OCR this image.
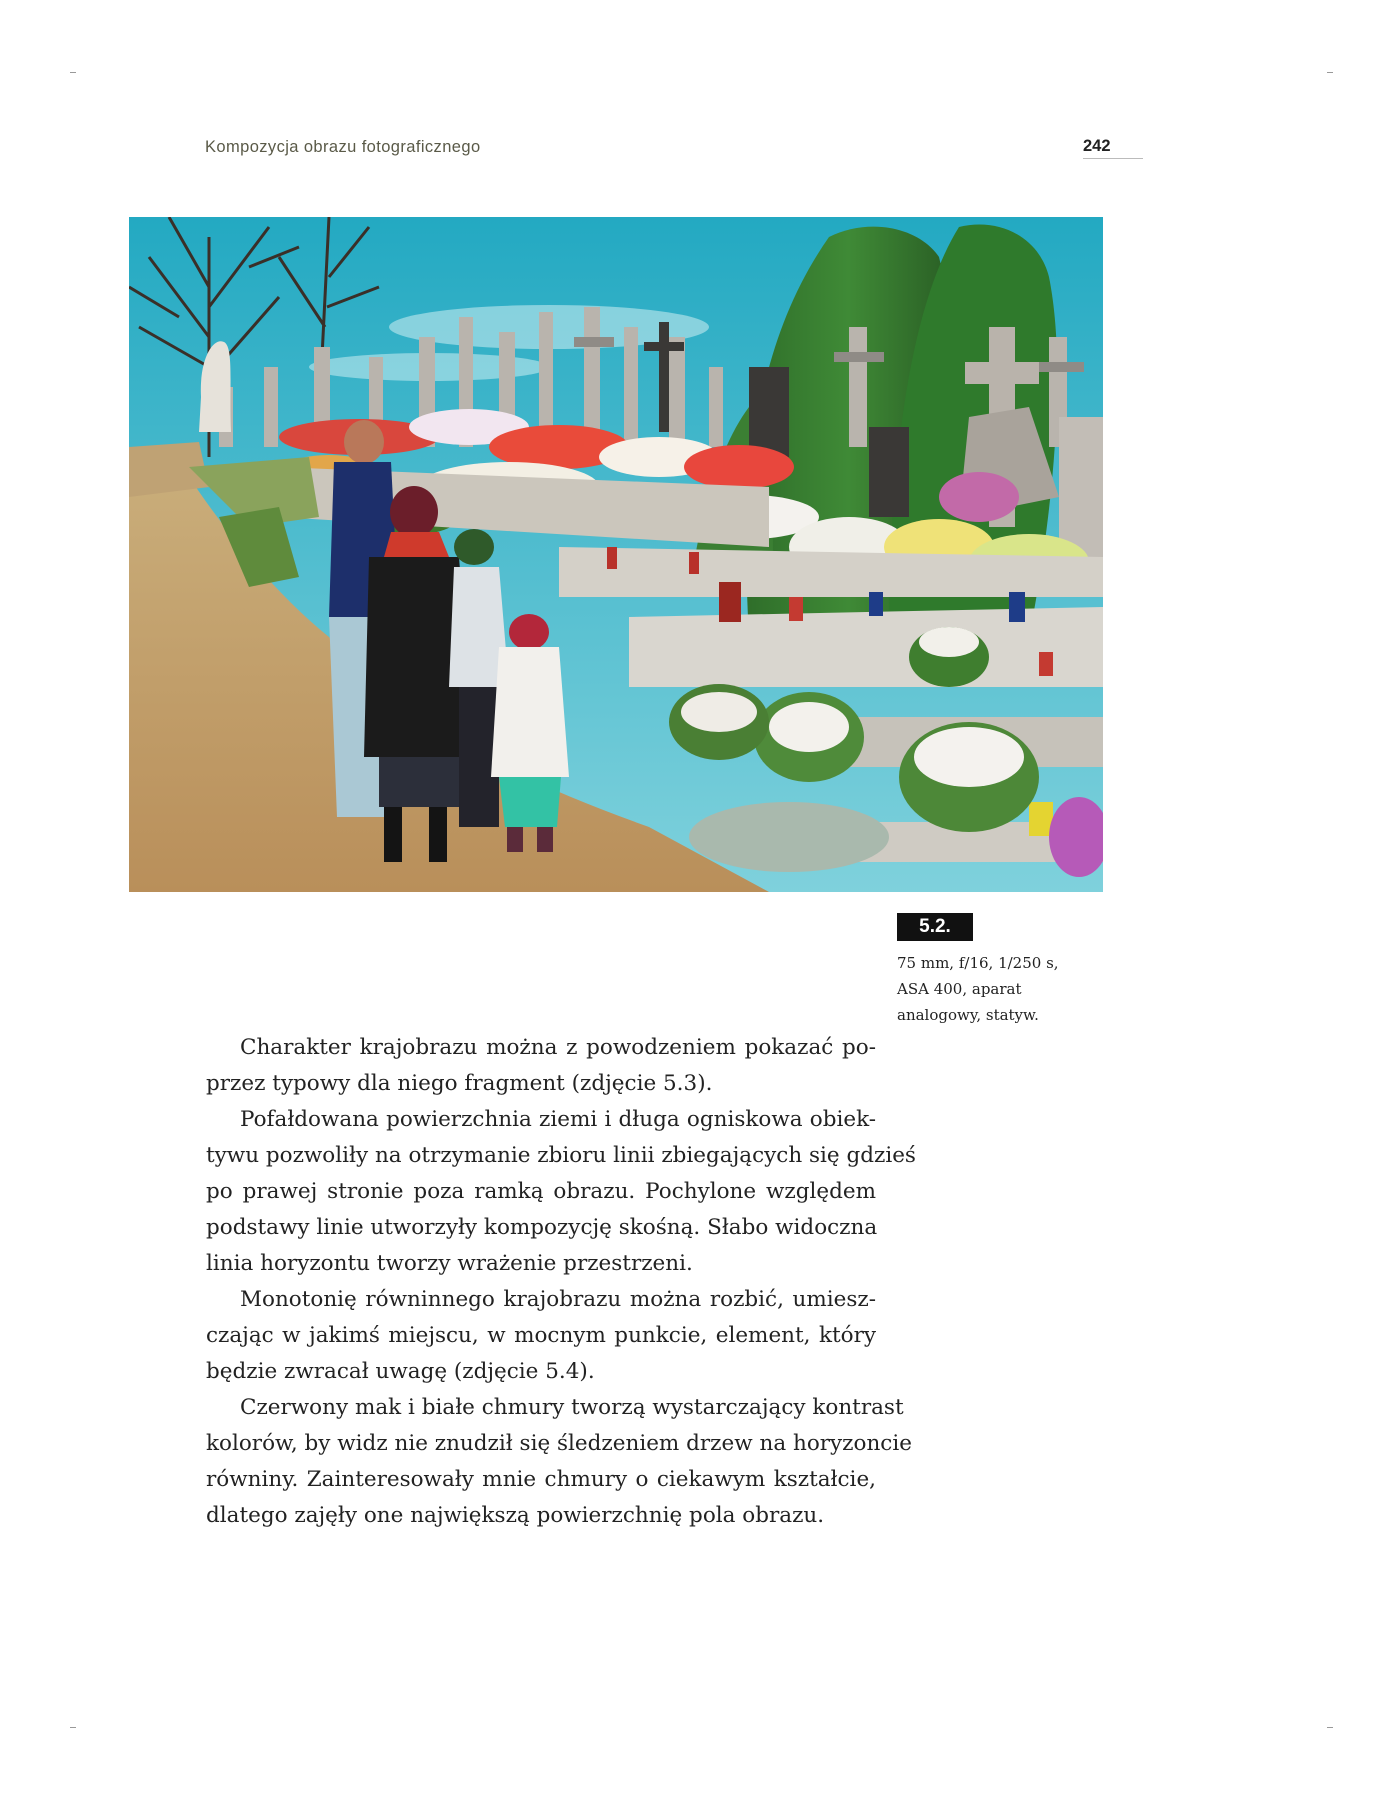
Kompozycja obrazu fotograficznego	242
5.2.
75 mm, f/16, 1/250 s,
ASA 400, aparat
analogowy, statyw.
Charakter krajobrazu można z powodzeniem pokazać po-
przez typowy dla niego fragment (zdjęcie 5.3).
Pofałdowana powierzchnia ziemi i długa ogniskowa obiek-
tywu pozwoliły na otrzymanie zbioru linii zbiegających się gdzieś
po prawej stronie poza ramką obrazu. Pochylone względem
podstawy linie utworzyły kompozycję skośną. Słabo widoczna
linia horyzontu tworzy wrażenie przestrzeni.
Monotonię równinnego krajobrazu można rozbić, umiesz-
czając w jakimś miejscu, w mocnym punkcie, element, który
będzie zwracał uwagę (zdjęcie 5.4).
Czerwony mak i białe chmury tworzą wystarczający kontrast
kolorów, by widz nie znudził się śledzeniem drzew na horyzoncie
równiny. Zainteresowały mnie chmury o ciekawym kształcie,
dlatego zajęły one największą powierzchnię pola obrazu.
